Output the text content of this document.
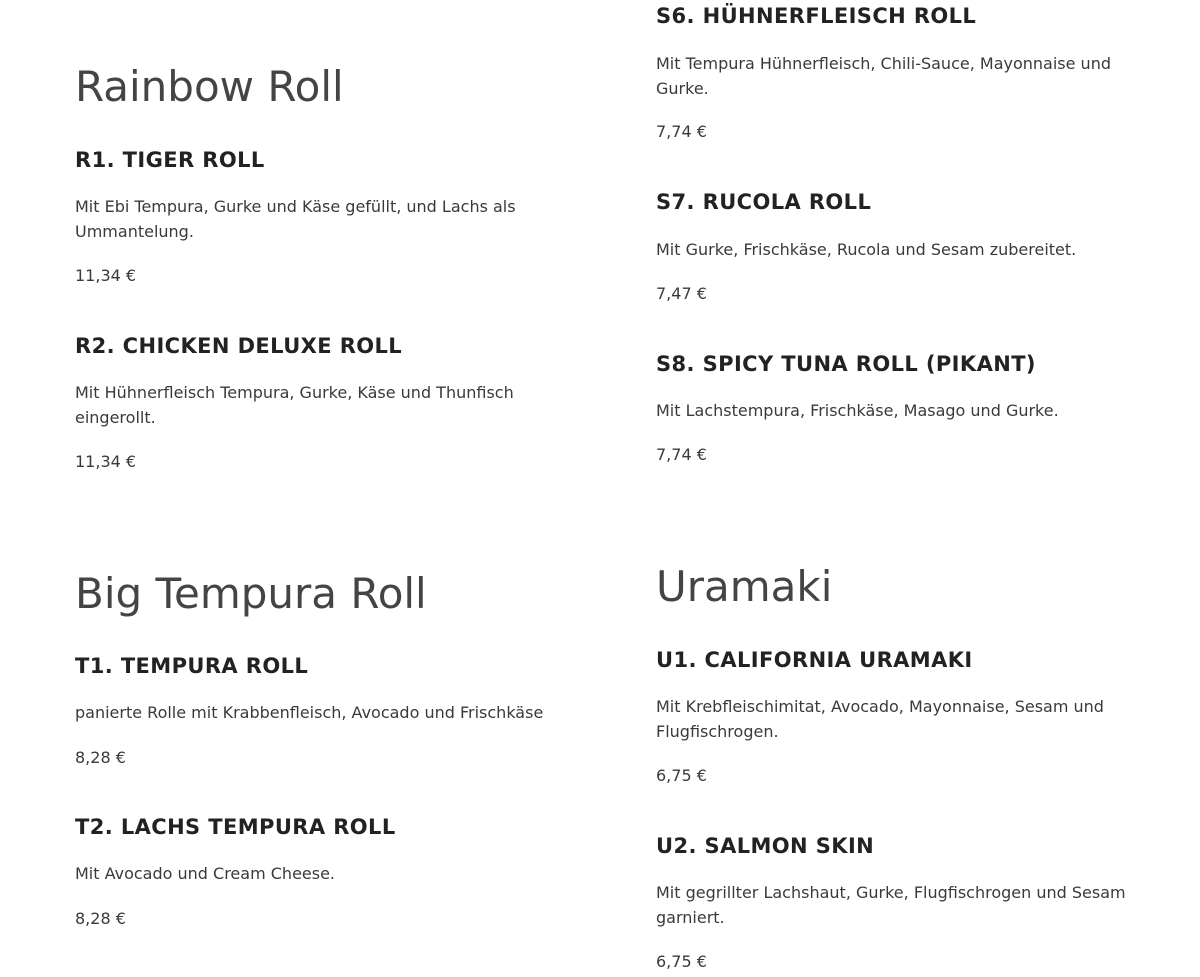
S6. HÜHNERFLEISCH ROLL
Mit Tempura Hühnerfleisch, Chili-Sauce, Mayonnaise und Gurke.
7,74 €
S7. RUCOLA ROLL
Mit Gurke, Frischkäse, Rucola und Sesam zubereitet.
7,47 €
S8. SPICY TUNA ROLL (PIKANT)
Mit Lachstempura, Frischkäse, Masago und Gurke.
7,74 €
Rainbow Roll
R1. TIGER ROLL
Mit Ebi Tempura, Gurke und Käse gefüllt, und Lachs als Ummantelung.
11,34 €
R2. CHICKEN DELUXE ROLL
Mit Hühnerfleisch Tempura, Gurke, Käse und Thunfisch eingerollt.
11,34 €
Big Tempura Roll
T1. TEMPURA ROLL
panierte Rolle mit Krabbenfleisch, Avocado und Frischkäse
8,28 €
T2. LACHS TEMPURA ROLL
Mit Avocado und Cream Cheese.
8,28 €
Uramaki
U1. CALIFORNIA URAMAKI
Mit Krebfleischimitat, Avocado, Mayonnaise, Sesam und Flugfischrogen.
6,75 €
U2. SALMON SKIN
Mit gegrillter Lachshaut, Gurke, Flugfischrogen und Sesam garniert.
6,75 €
